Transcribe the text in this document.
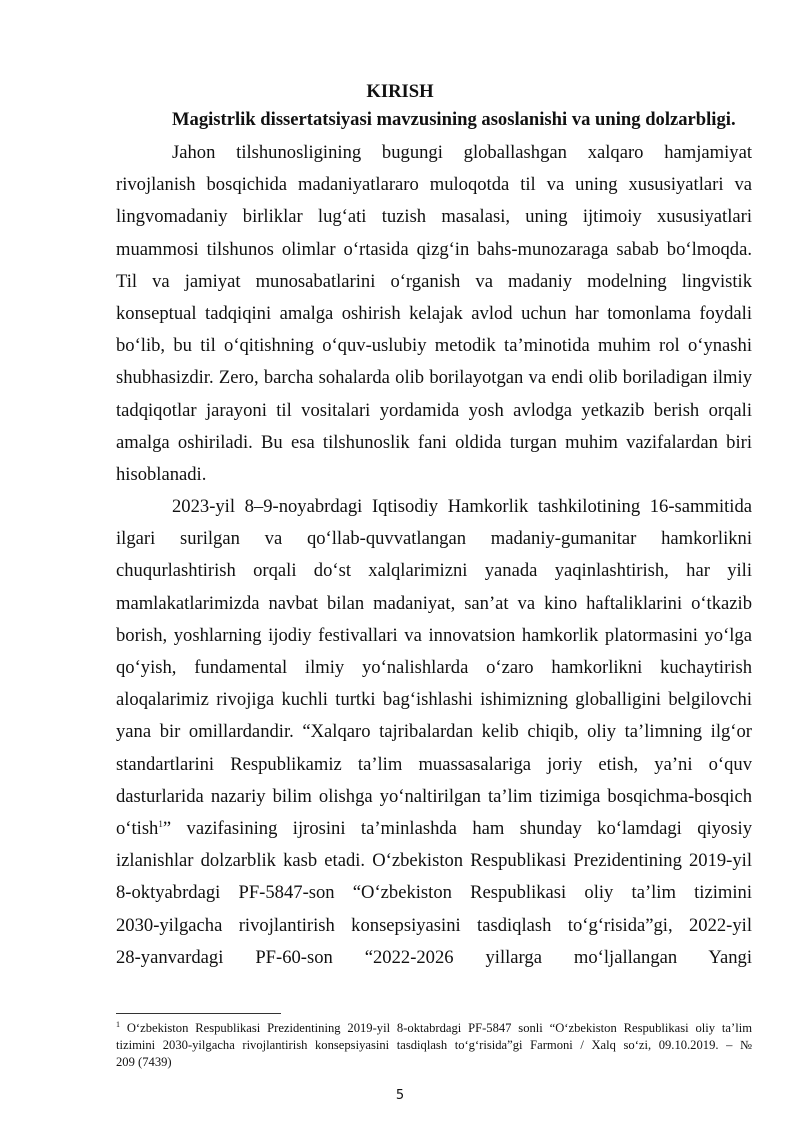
KIRISH

Magistrlik dissertatsiyasi mavzusining asoslanishi va uning dolzarbligi.

Jahon tilshunosligining bugungi globallashgan xalqaro hamjamiyat
rivojlanish bosqichida madaniyatlararo muloqotda til va uning xususiyatlari va
lingvomadaniy birliklar lug‘ati tuzish masalasi, uning ijtimoiy xususiyatlari
muammosi tilshunos olimlar o‘rtasida qizg‘in bahs-munozaraga sabab bo‘lmoqda.
Til va jamiyat munosabatlarini o‘rganish va madaniy modelning lingvistik
konseptual tadqiqini amalga oshirish kelajak avlod uchun har tomonlama foydali
bo‘lib, bu til o‘qitishning o‘quv-uslubiy metodik ta’minotida muhim rol o‘ynashi
shubhasizdir. Zero, barcha sohalarda olib borilayotgan va endi olib boriladigan ilmiy
tadqiqotlar jarayoni til vositalari yordamida yosh avlodga yetkazib berish orqali
amalga oshiriladi. Bu esa tilshunoslik fani oldida turgan muhim vazifalardan biri
hisoblanadi.
2023-yil 8–9-noyabrdagi Iqtisodiy Hamkorlik tashkilotining 16-sammitida
ilgari surilgan va qo‘llab-quvvatlangan madaniy-gumanitar hamkorlikni
chuqurlashtirish orqali do‘st xalqlarimizni yanada yaqinlashtirish, har yili
mamlakatlarimizda navbat bilan madaniyat, san’at va kino haftaliklarini o‘tkazib
borish, yoshlarning ijodiy festivallari va innovatsion hamkorlik platormasini yo‘lga
qo‘yish, fundamental ilmiy yo‘nalishlarda o‘zaro hamkorlikni kuchaytirish
aloqalarimiz rivojiga kuchli turtki bag‘ishlashi ishimizning globalligini belgilovchi
yana bir omillardandir. “Xalqaro tajribalardan kelib chiqib, oliy ta’limning ilg‘or
standartlarini Respublikamiz ta’lim muassasalariga joriy etish, ya’ni o‘quv
dasturlarida nazariy bilim olishga yo‘naltirilgan ta’lim tizimiga bosqichma-bosqich
o‘tish$^1$” vazifasining ijrosini ta’minlashda ham shunday ko‘lamdagi qiyosiy
izlanishlar dolzarblik kasb etadi. O‘zbekiston Respublikasi Prezidentining 2019-yil
8-oktyabrdagi PF-5847-son “O‘zbekiston Respublikasi oliy ta’lim tizimini
2030-yilgacha rivojlantirish konsepsiyasini tasdiqlash to‘g‘risida”gi, 2022-yil
28-yanvardagi PF-60-son “2022-2026 yillarga mo‘ljallangan Yangi
$^1$ O‘zbekiston Respublikasi Prezidentining 2019-yil 8-oktabrdagi PF-5847 sonli “O‘zbekiston Respublikasi oliy ta’lim
tizimini 2030-yilgacha rivojlantirish konsepsiyasini tasdiqlash to‘g‘risida”gi Farmoni / Xalq so‘zi, 09.10.2019. – №
209 (7439)

5
